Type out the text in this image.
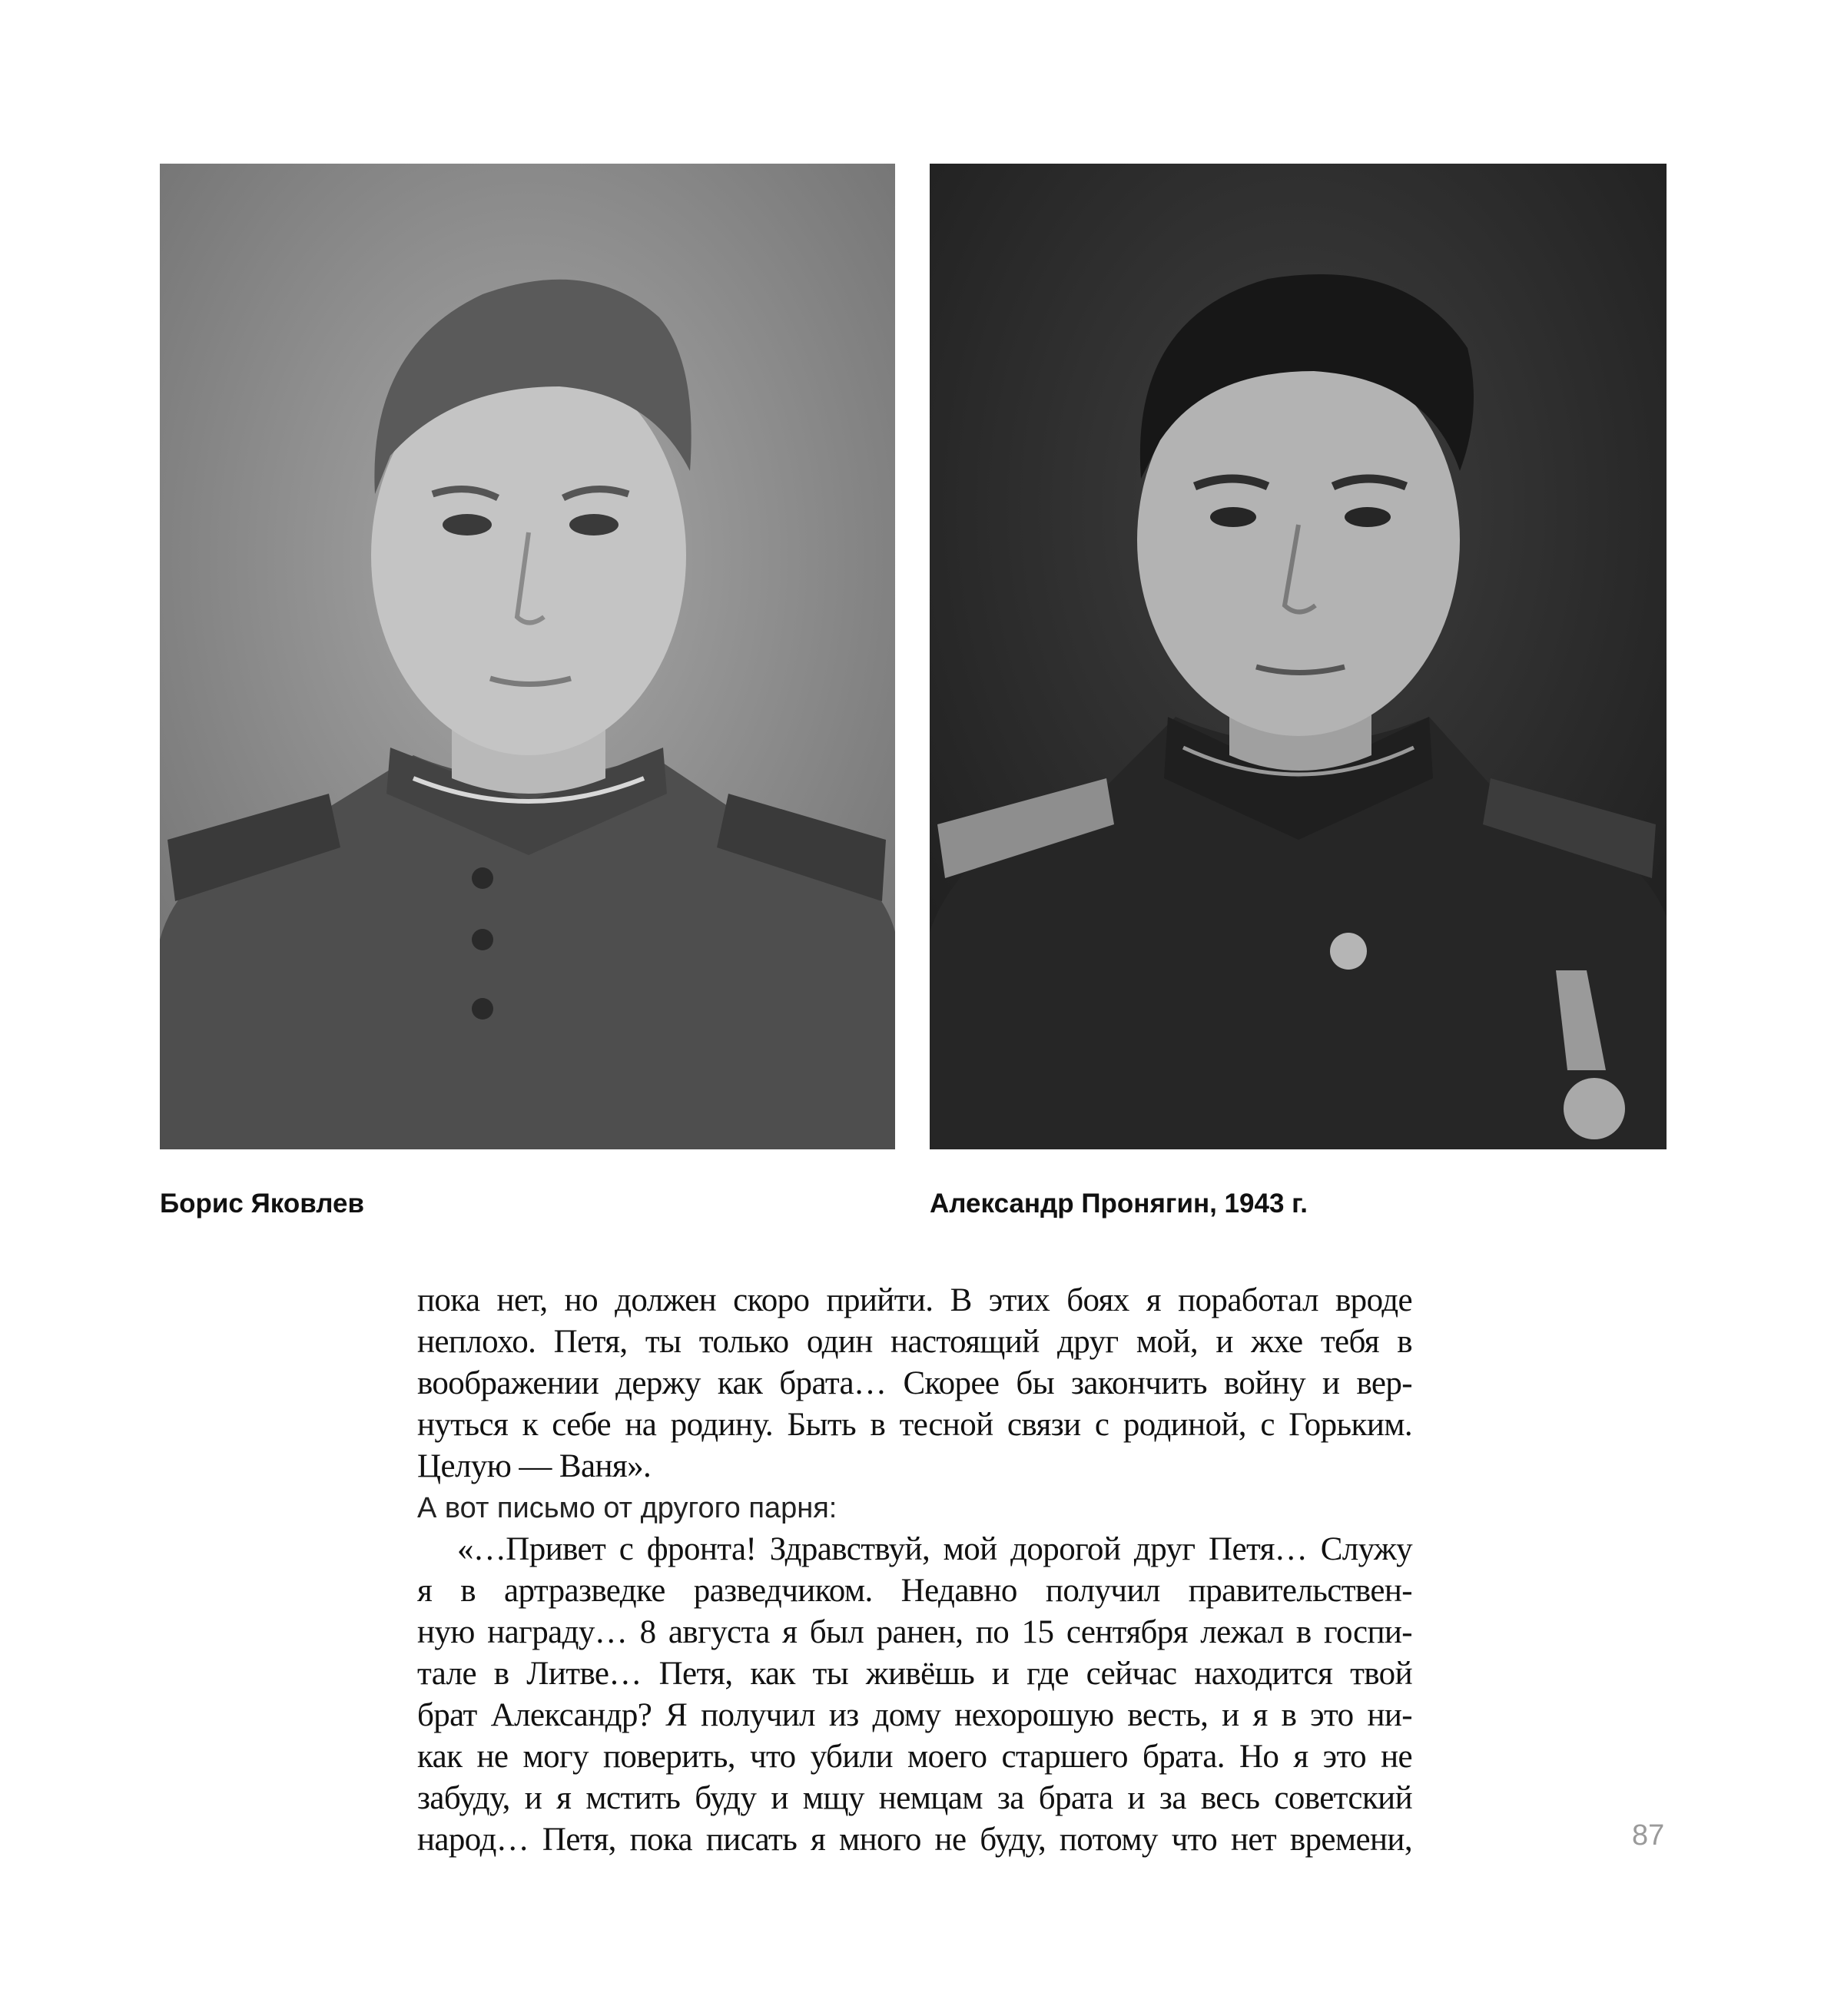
Борис Яковлев	Александр Пронягин, 1943 г.
пока нет, но должен скоро прийти. В этих боях я поработал вроде
неплохо. Петя, ты только один настоящий друг мой, и жхе тебя в
воображении держу как брата… Скорее бы закончить войну и вер-
нуться к себе на родину. Быть в тесной связи с родиной, с Горьким.
Целую — Ваня».
А вот письмо от другого парня:
«…Привет с фронта! Здравствуй, мой дорогой друг Петя… Служу
я в артразведке разведчиком. Недавно получил правительствен-
ную награду… 8 августа я был ранен, по 15 сентября лежал в госпи-
тале в Литве… Петя, как ты живёшь и где сейчас находится твой
брат Александр? Я получил из дому нехорошую весть, и я в это ни-
как не могу поверить, что убили моего старшего брата. Но я это не
забуду, и я мстить буду и мщу немцам за брата и за весь советский
народ… Петя, пока писать я много не буду, потому что нет времени,	87
